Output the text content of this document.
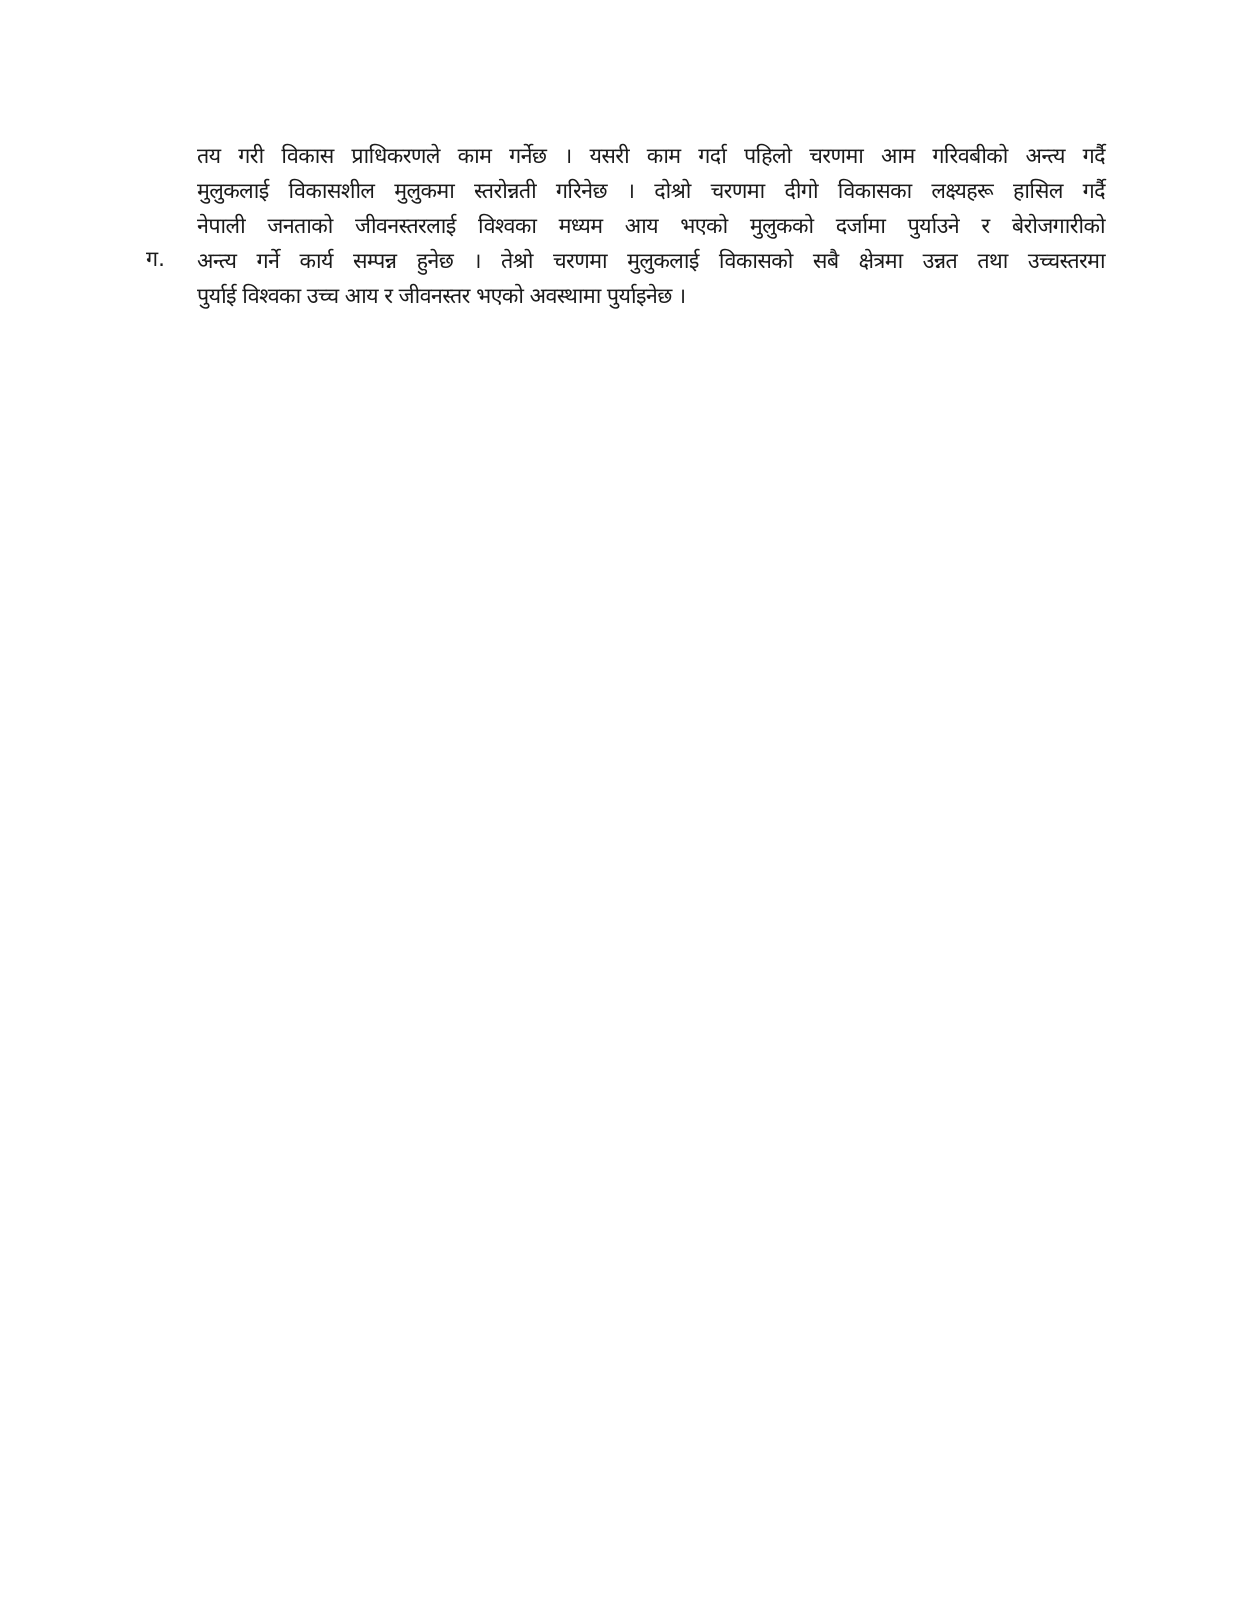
तय गरी विकास प्राधिकरणले काम गर्नेछ । यसरी काम गर्दा पहिलो चरणमा आम गरिवबीको अन्त्य गर्दै
मुलुकलाई विकासशील मुलुकमा स्तरोन्नती गरिनेछ । दोश्रो चरणमा दीगो विकासका लक्ष्यहरू हासिल गर्दै
नेपाली जनताको जीवनस्तरलाई विश्वका मध्यम आय भएको मुलुकको दर्जामा पुर्याउने र बेरोजगारीको
अन्त्य गर्ने कार्य सम्पन्न हुनेछ । तेश्रो चरणमा मुलुकलाई विकासको सबै क्षेत्रमा उन्नत तथा उच्चस्तरमा
पुर्याई विश्वका उच्च आय र जीवनस्तर भएको अवस्थामा पुर्याइनेछ ।
ग.
